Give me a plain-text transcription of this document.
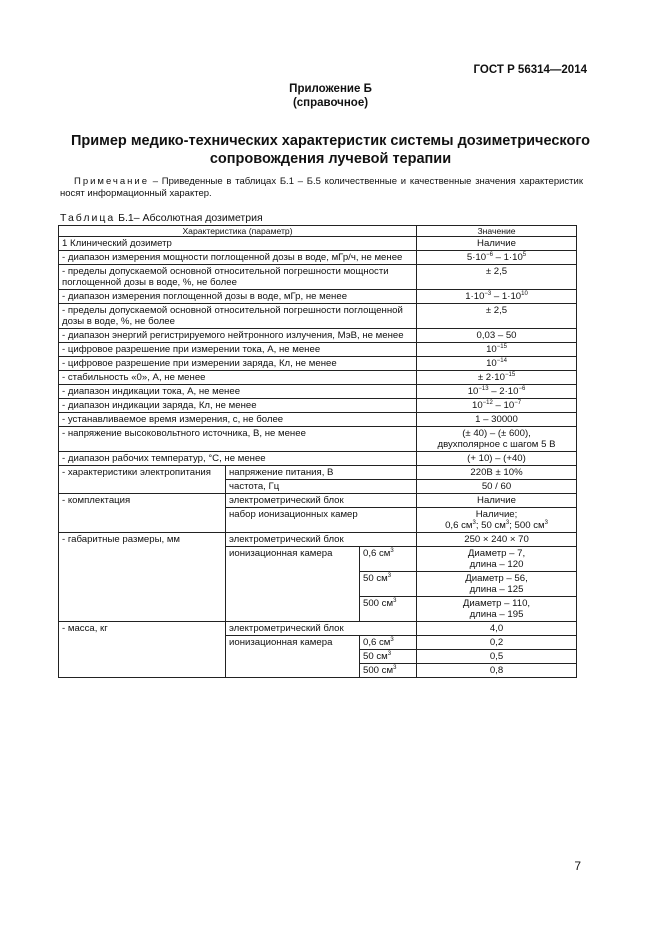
ГОСТ Р 56314—2014
Приложение Б
(справочное)
Пример медико-технических характеристик системы дозиметрического
сопровождения лучевой терапии
Примечание – Приведенные в таблицах Б.1 – Б.5 количественные и качественные значения характеристик носят информационный характер.
Таблица Б.1– Абсолютная дозиметрия
Характеристика (параметр)			Значение
1 Клинический дозиметр			Наличие
- диапазон измерения мощности поглощенной дозы в воде, мГр/ч, не менее			$5\cdot 10^{-6} - 1\cdot 10^5$
- пределы допускаемой основной относительной погрешности мощности поглощенной дозы в воде, %, не более			± 2,5
- диапазон измерения поглощенной дозы в воде, мГр, не менее			$1\cdot 10^{-3} - 1\cdot 10^{10}$
- пределы допускаемой основной относительной погрешности поглощенной дозы в воде, %, не более			± 2,5
- диапазон энергий регистрируемого нейтронного излучения, МэВ, не менее			0,03 – 50
- цифровое разрешение при измерении тока, А, не менее			$10^{-15}$
- цифровое разрешение при измерении заряда, Кл, не менее			$10^{-14}$
- стабильность «0», А, не менее			± $2\cdot 10^{-15}$
- диапазон индикации тока, А, не менее			$10^{-13} - 2\cdot 10^{-6}$
- диапазон индикации заряда, Кл, не менее			$10^{-12} - 10^{-7}$
- устанавливаемое время измерения, с, не более			1 – 30000
- напряжение высоковольтного источника, В, не менее			(± 40) – (± 600),
двухполярное с шагом 5 В

- диапазон рабочих температур, °С, не менее			(+ 10) – (+40)
- характеристики электропитания	напряжение питания, В		220В ± 10%
	частота, Гц		50 / 60
- комплектация	электрометрический блок		Наличие
	набор ионизационных камер		Наличие;
0,6 $см^3$; 50 $см^3$; 500 $см^3$

- габаритные размеры, мм	электрометрический блок		250 × 240 × 70
	ионизационная камера	0,6 $см^3$	Диаметр – 7,
длина – 120

		50 $см^3$	Диаметр – 56,
длина – 125

		500 $см^3$	Диаметр – 110,
длина – 195

- масса, кг	электрометрический блок		4,0
	ионизационная камера	0,6 $см^3$	0,2
		50 $см^3$	0,5
		500 $см^3$	0,8
7
